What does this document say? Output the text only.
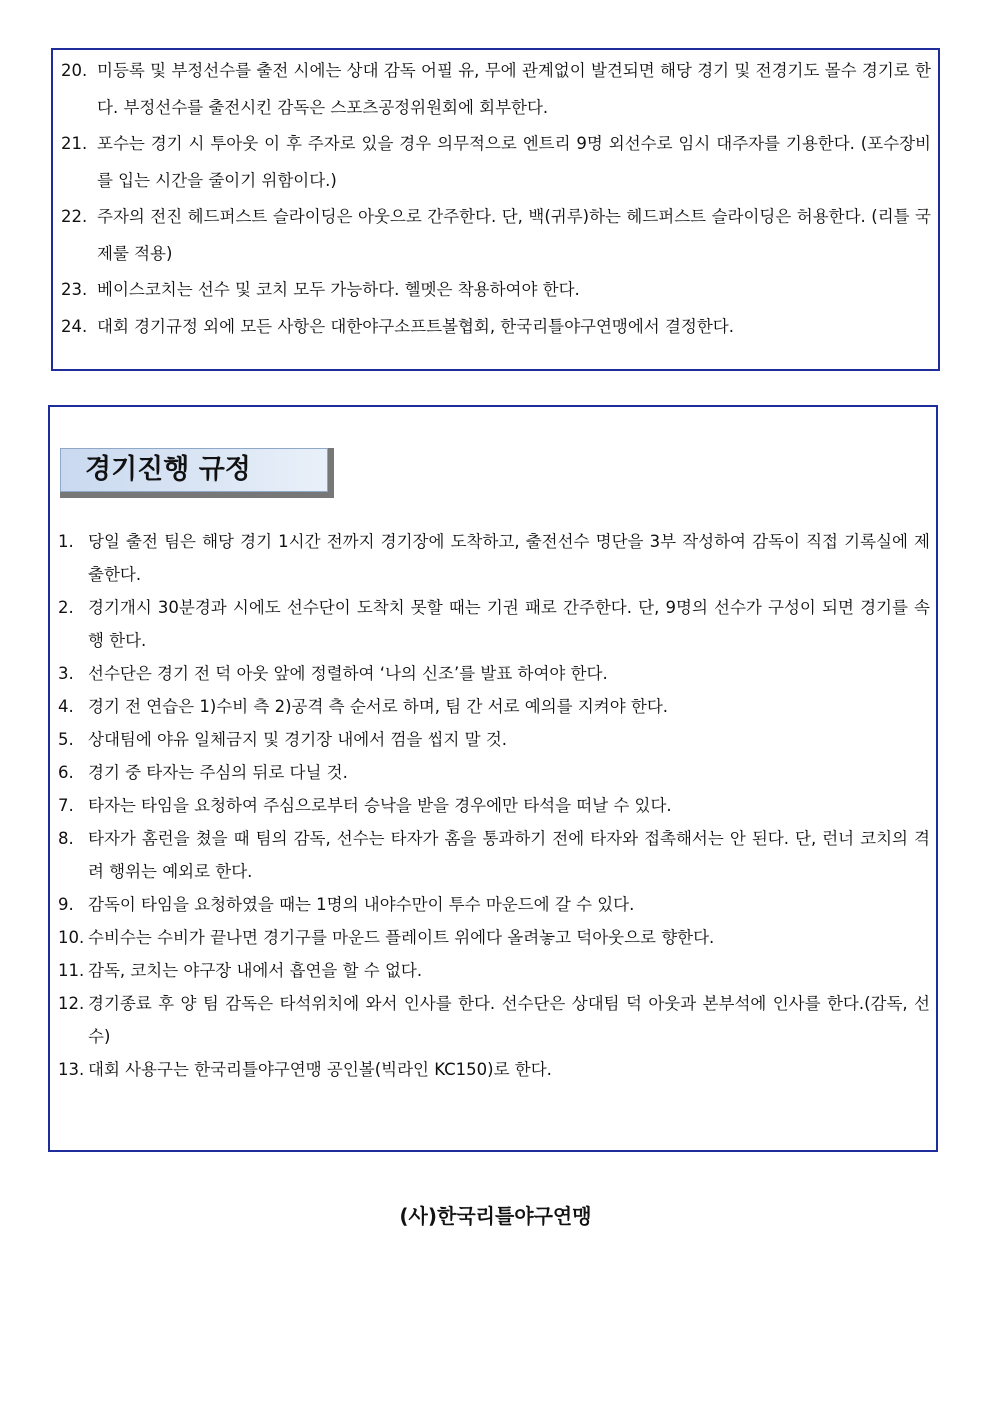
20. 미등록 및 부정선수를 출전 시에는 상대 감독 어필 유, 무에 관계없이 발견되면 해당 경기 및 전경기도 몰수 경기로 한다. 부정선수를 출전시킨 감독은 스포츠공정위원회에 회부한다.
21. 포수는 경기 시 투아웃 이 후 주자로 있을 경우 의무적으로 엔트리 9명 외선수로 임시 대주자를 기용한다. (포수장비를 입는 시간을 줄이기 위함이다.)
22. 주자의 전진 헤드퍼스트 슬라이딩은 아웃으로 간주한다. 단, 백(귀루)하는 헤드퍼스트 슬라이딩은 허용한다. (리틀 국제룰 적용)
23. 베이스코치는 선수 및 코치 모두 가능하다. 헬멧은 착용하여야 한다.
24. 대회 경기규정 외에 모든 사항은 대한야구소프트볼협회, 한국리틀야구연맹에서 결정한다.
경기진행 규정
1. 당일 출전 팀은 해당 경기 1시간 전까지 경기장에 도착하고, 출전선수 명단을 3부 작성하여 감독이 직접 기록실에 제출한다.
2. 경기개시 30분경과 시에도 선수단이 도착치 못할 때는 기권 패로 간주한다. 단, 9명의 선수가 구성이 되면 경기를 속행 한다.
3. 선수단은 경기 전 덕 아웃 앞에 정렬하여 ‘나의 신조’를 발표 하여야 한다.
4. 경기 전 연습은 1)수비 측 2)공격 측 순서로 하며, 팀 간 서로 예의를 지켜야 한다.
5. 상대팀에 야유 일체금지 및 경기장 내에서 껌을 씹지 말 것.
6. 경기 중 타자는 주심의 뒤로 다닐 것.
7. 타자는 타임을 요청하여 주심으로부터 승낙을 받을 경우에만 타석을 떠날 수 있다.
8. 타자가 홈런을 쳤을 때 팀의 감독, 선수는 타자가 홈을 통과하기 전에 타자와 접촉해서는 안 된다. 단, 런너 코치의 격려 행위는 예외로 한다.
9. 감독이 타임을 요청하였을 때는 1명의 내야수만이 투수 마운드에 갈 수 있다.
10. 수비수는 수비가 끝나면 경기구를 마운드 플레이트 위에다 올려놓고 덕아웃으로 향한다.
11. 감독, 코치는 야구장 내에서 흡연을 할 수 없다.
12. 경기종료 후 양 팀 감독은 타석위치에 와서 인사를 한다. 선수단은 상대팀 덕 아웃과 본부석에 인사를 한다.(감독, 선수)
13. 대회 사용구는 한국리틀야구연맹 공인볼(빅라인 KC150)로 한다.
(사)한국리틀야구연맹
